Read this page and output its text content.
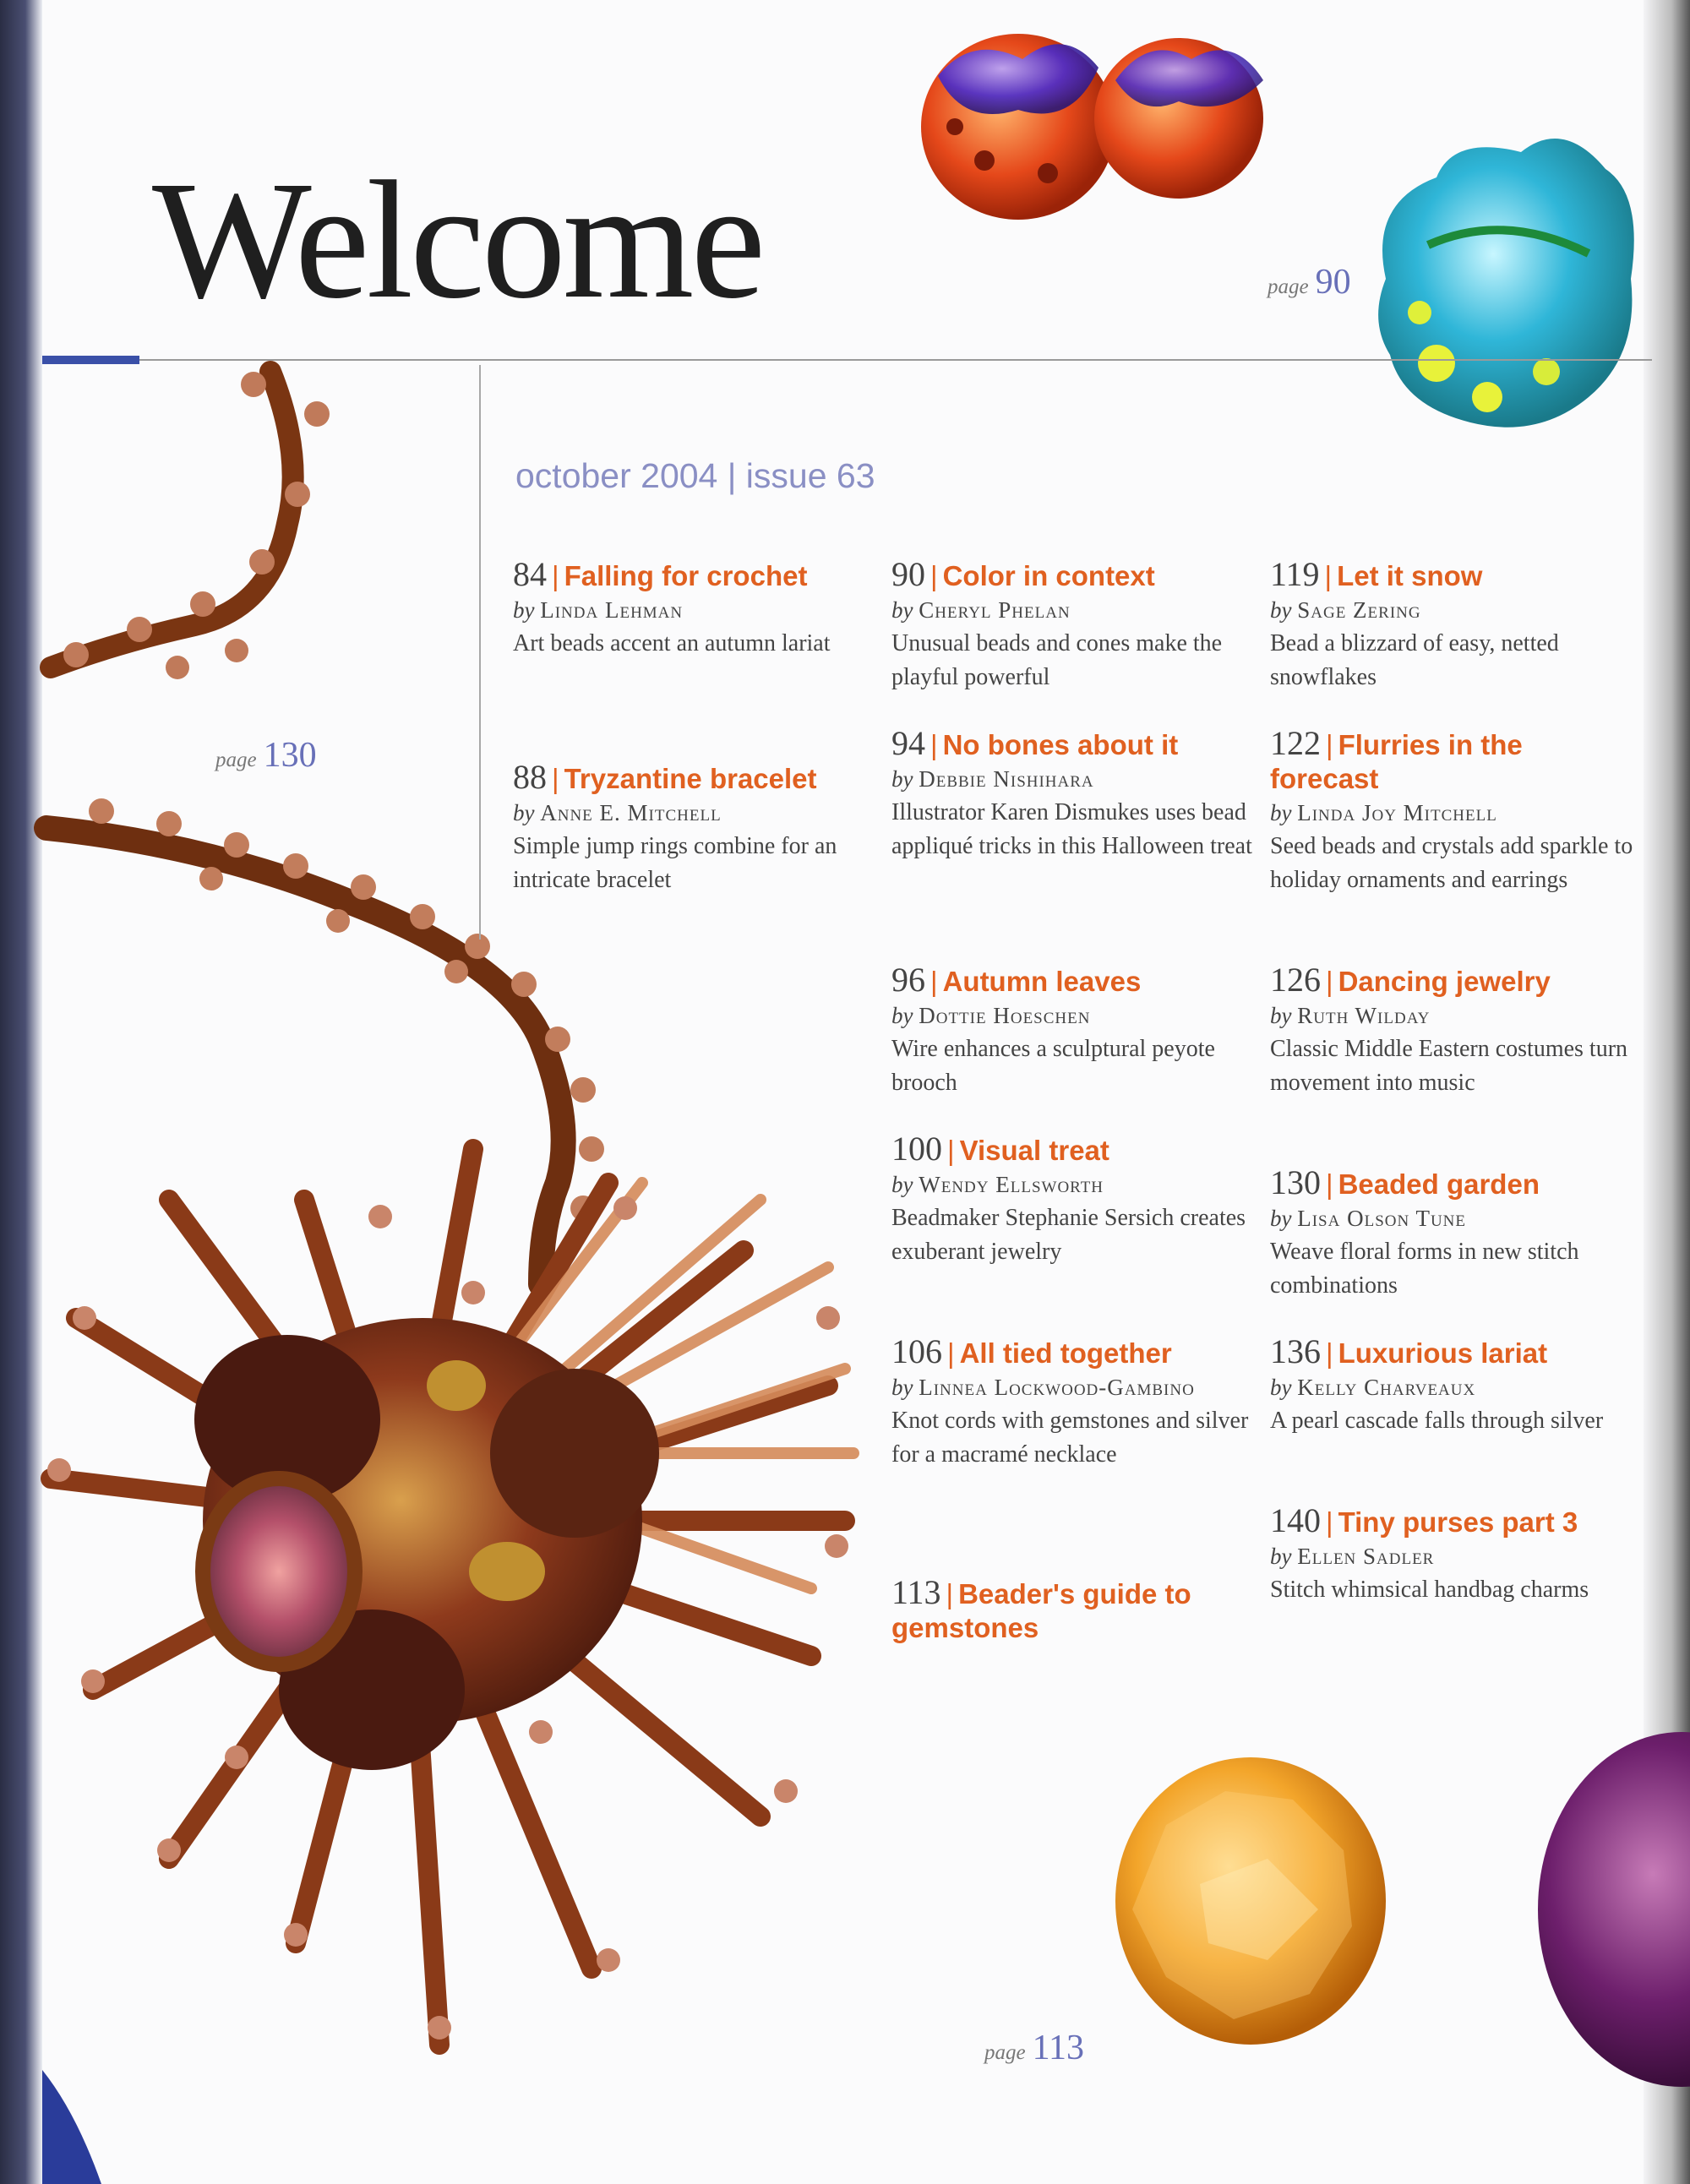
Welcome
october 2004 | issue 63
page 90
page 130
page 113
84 | Falling for crochet
by Linda Lehman
Art beads accent an autumn lariat
88 | Tryzantine bracelet
by Anne E. Mitchell
Simple jump rings combine for an intricate bracelet
90 | Color in context
by Cheryl Phelan
Unusual beads and cones make the playful powerful
94 | No bones about it
by Debbie Nishihara
Illustrator Karen Dismukes uses bead appliqué tricks in this Halloween treat
96 | Autumn leaves
by Dottie Hoeschen
Wire enhances a sculptural peyote brooch
100 | Visual treat
by Wendy Ellsworth
Beadmaker Stephanie Sersich creates exuberant jewelry
106 | All tied together
by Linnea Lockwood-Gambino
Knot cords with gemstones and silver for a macramé necklace
113 | Beader's guide to gemstones
119 | Let it snow
by Sage Zering
Bead a blizzard of easy, netted snowflakes
122 | Flurries in the forecast
by Linda Joy Mitchell
Seed beads and crystals add sparkle to holiday ornaments and earrings
126 | Dancing jewelry
by Ruth Wilday
Classic Middle Eastern costumes turn movement into music
130 | Beaded garden
by Lisa Olson Tune
Weave floral forms in new stitch combinations
136 | Luxurious lariat
by Kelly Charveaux
A pearl cascade falls through silver
140 | Tiny purses part 3
by Ellen Sadler
Stitch whimsical handbag charms
